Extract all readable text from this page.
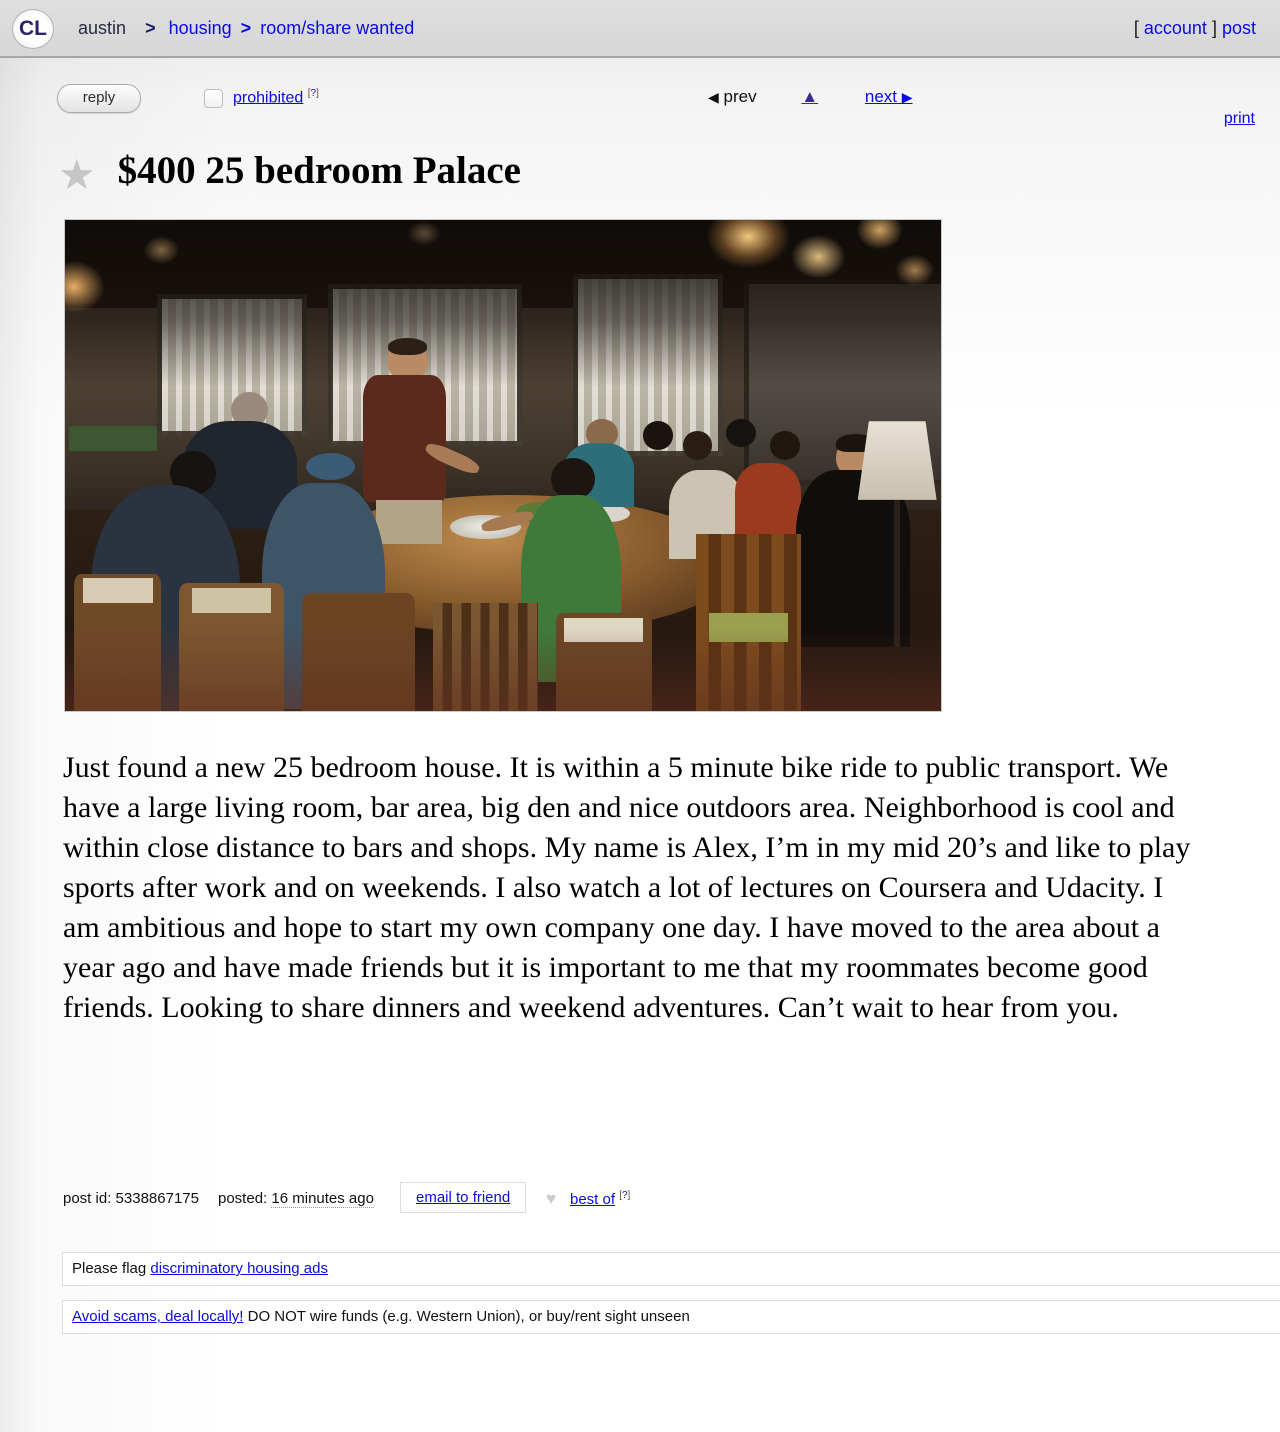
CL	austin > housing > room/share wanted	[ account ] post
reply	prohibited [?]	◀ prev	▲	next ▶
print
★ $400 25 bedroom Palace
Just found a new 25 bedroom house. It is within a 5 minute bike ride to public transport. We have a large living room, bar area, big den and nice outdoors area. Neighborhood is cool and within close distance to bars and shops. My name is Alex, I’m in my mid 20’s and like to play sports after work and on weekends. I also watch a lot of lectures on Coursera and Udacity. I am ambitious and hope to start my own company one day. I have moved to the area about a year ago and have made friends but it is important to me that my roommates become good friends. Looking to share dinners and weekend adventures. Can’t wait to hear from you.
post id: 5338867175 posted: 16 minutes ago	email to friend	♥ best of [?]
Please flag discriminatory housing ads
Avoid scams, deal locally! DO NOT wire funds (e.g. Western Union), or buy/rent sight unseen
